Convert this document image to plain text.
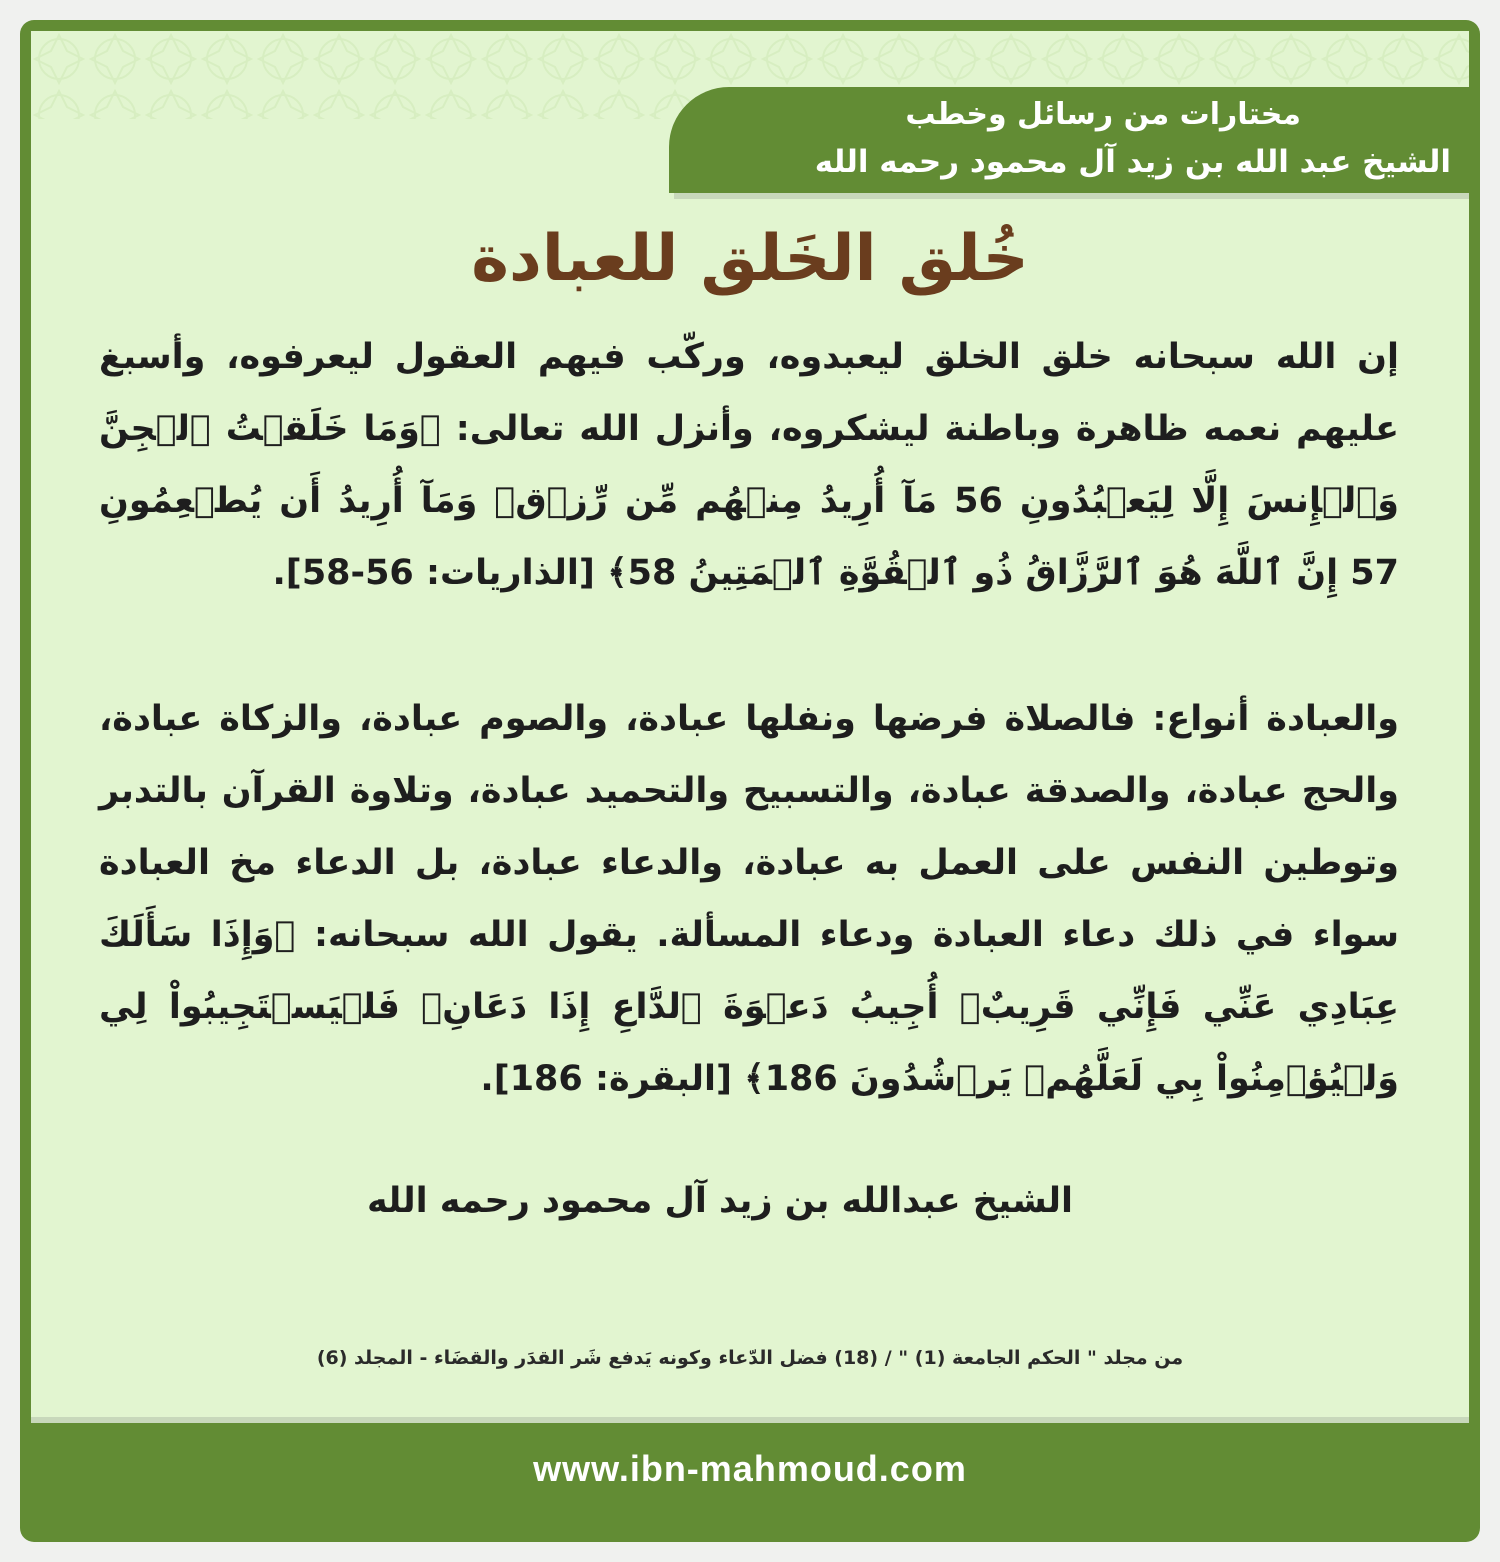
مختارات من رسائل وخطب
الشيخ عبد الله بن زيد آل محمود رحمه الله
خُلق الخَلق للعبادة
إن الله سبحانه خلق الخلق ليعبدوه، وركّب فيهم العقول ليعرفوه، وأسبغ عليهم نعمه ظاهرة وباطنة ليشكروه، وأنزل الله تعالى: ﴿وَمَا خَلَقۡتُ ٱلۡجِنَّ وَٱلۡإِنسَ إِلَّا لِيَعۡبُدُونِ 56 مَآ أُرِيدُ مِنۡهُم مِّن رِّزۡقٖ وَمَآ أُرِيدُ أَن يُطۡعِمُونِ 57 إِنَّ ٱللَّهَ هُوَ ٱلرَّزَّاقُ ذُو ٱلۡقُوَّةِ ٱلۡمَتِينُ 58﴾ [الذاريات: 56-58].
والعبادة أنواع: فالصلاة فرضها ونفلها عبادة، والصوم عبادة، والزكاة عبادة، والحج عبادة، والصدقة عبادة، والتسبيح والتحميد عبادة، وتلاوة القرآن بالتدبر وتوطين النفس على العمل به عبادة، والدعاء عبادة، بل الدعاء مخ العبادة سواء في ذلك دعاء العبادة ودعاء المسألة. يقول الله سبحانه: ﴿وَإِذَا سَأَلَكَ عِبَادِي عَنِّي فَإِنِّي قَرِيبٌۖ أُجِيبُ دَعۡوَةَ ٱلدَّاعِ إِذَا دَعَانِۖ فَلۡيَسۡتَجِيبُواْ لِي وَلۡيُؤۡمِنُواْ بِي لَعَلَّهُمۡ يَرۡشُدُونَ 186﴾ [البقرة: 186].
الشيخ عبدالله بن زيد آل محمود رحمه الله
من مجلد " الحكم الجامعة (1) " / (18) فضل الدّعاء وكونه يَدفع شَر القدَر والقضَاء - المجلد (6)
www.ibn-mahmoud.com
